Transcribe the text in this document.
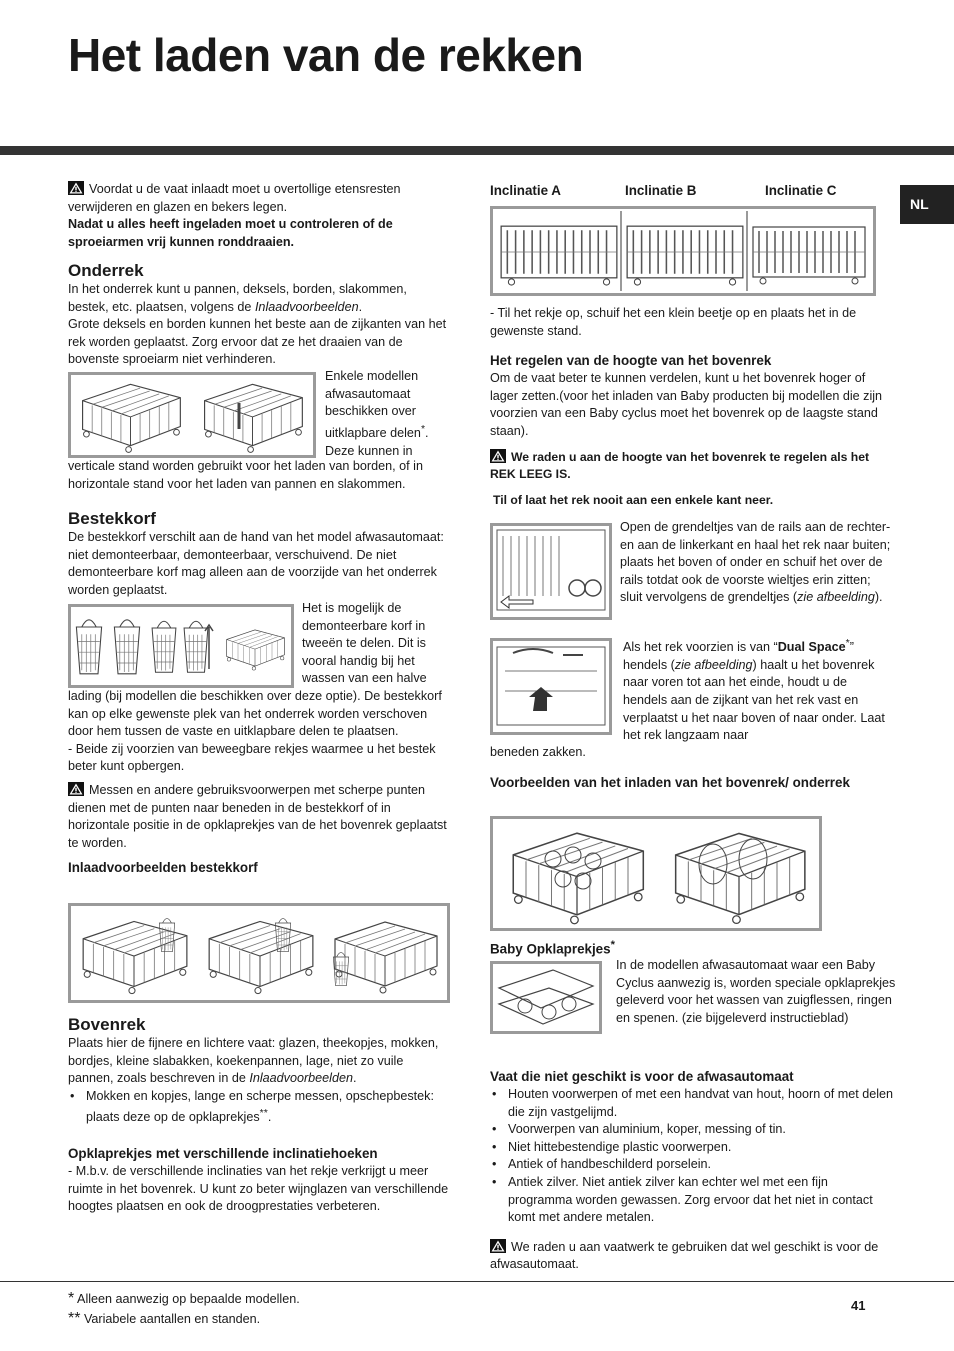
Het laden van de rekken
NL

Voordat u de vaat inlaadt moet u overtollige etensresten verwijderen en glazen en bekers legen.

Nadat u alles heeft ingeladen moet u controleren of de sproeiarmen vrij kunnen ronddraaien.

Onderrek

In het onderrek kunt u pannen, deksels, borden, slakommen, bestek, etc. plaatsen, volgens de Inlaadvoorbeelden.

Grote deksels en borden kunnen het beste aan de zijkanten van het rek worden geplaatst. Zorg ervoor dat ze het draaien van de bovenste sproeiarm niet verhinderen.

Enkele modellen afwasautomaat beschikken over uitklapbare delen*. Deze kunnen in

verticale stand worden gebruikt voor het laden van borden, of in horizontale stand voor het laden van pannen en slakommen.

Bestekkorf

De bestekkorf verschilt aan de hand van het model afwasautomaat: niet demonteerbaar, demonteerbaar, verschuivend. De niet demonteerbare korf mag alleen aan de voorzijde van het onderrek worden geplaatst.

Het is mogelijk de demonteerbare korf in tweeën te delen. Dit is vooral handig bij het wassen van een halve

lading (bij modellen die beschikken over deze optie). De bestekkorf kan op elke gewenste plek van het onderrek worden verschoven door hem tussen de vaste en uitklapbare delen te plaatsen.

- Beide zij voorzien van beweegbare rekjes waarmee u het bestek beter kunt opbergen.

Messen en andere gebruiksvoorwerpen met scherpe punten dienen met de punten naar beneden in de bestekkorf of in horizontale positie in de opklaprekjes van de het bovenrek geplaatst te worden.

Inlaadvoorbeelden bestekkorf

Bovenrek

Plaats hier de fijnere en lichtere vaat: glazen, theekopjes, mokken, bordjes, kleine slabakken, koekenpannen, lage, niet zo vuile pannen, zoals beschreven in de Inlaadvoorbeelden.

• Mokken en kopjes, lange en scherpe messen, opschepbestek: plaats deze op de opklaprekjes**.

Opklaprekjes met verschillende inclinatiehoeken

- M.b.v. de verschillende inclinaties van het rekje verkrijgt u meer ruimte in het bovenrek. U kunt zo beter wijnglazen van verschillende hoogtes plaatsen en ook de droogprestaties verbeteren.

Inclinatie A	Inclinatie B	Inclinatie C

- Til het rekje op, schuif het een klein beetje op en plaats het in de gewenste stand.

Het regelen van de hoogte van het bovenrek

Om de vaat beter te kunnen verdelen, kunt u het bovenrek hoger of lager zetten.(voor het inladen van Baby producten bij modellen die zijn voorzien van een Baby cyclus moet het bovenrek op de laagste stand staan).

We raden u aan de hoogte van het bovenrek te regelen als het REK LEEG IS.

Til of laat het rek nooit aan een enkele kant neer.

Open de grendeltjes van de rails aan de rechter- en aan de linkerkant en haal het rek naar buiten; plaats het boven of onder en schuif het over de rails totdat ook de voorste wieltjes erin zitten; sluit vervolgens de grendeltjes (zie afbeelding).

Als het rek voorzien is van “Dual Space*” hendels (zie afbeelding) haalt u het bovenrek naar voren tot aan het einde, houdt u de hendels aan de zijkant van het rek vast en verplaatst u het naar boven of naar onder. Laat het rek langzaam naar

beneden zakken.

Voorbeelden van het inladen van het bovenrek/ onderrek

Baby Opklaprekjes*

In de modellen afwasautomaat waar een Baby Cyclus aanwezig is, worden speciale opklaprekjes geleverd voor het wassen van zuigflessen, ringen en spenen. (zie bijgeleverd instructieblad)

Vaat die niet geschikt is voor de afwasautomaat

• Houten voorwerpen of met een handvat van hout, hoorn of met delen die zijn vastgelijmd.
• Voorwerpen van aluminium, koper, messing of tin.
• Niet hittebestendige plastic voorwerpen.
• Antiek of handbeschilderd porselein.
• Antiek zilver. Niet antiek zilver kan echter wel met een fijn programma worden gewassen. Zorg ervoor dat het niet in contact komt met andere metalen.

We raden u aan vaatwerk te gebruiken dat wel geschikt is voor de afwasautomaat.

* Alleen aanwezig op bepaalde modellen.
** Variabele aantallen en standen.
41
